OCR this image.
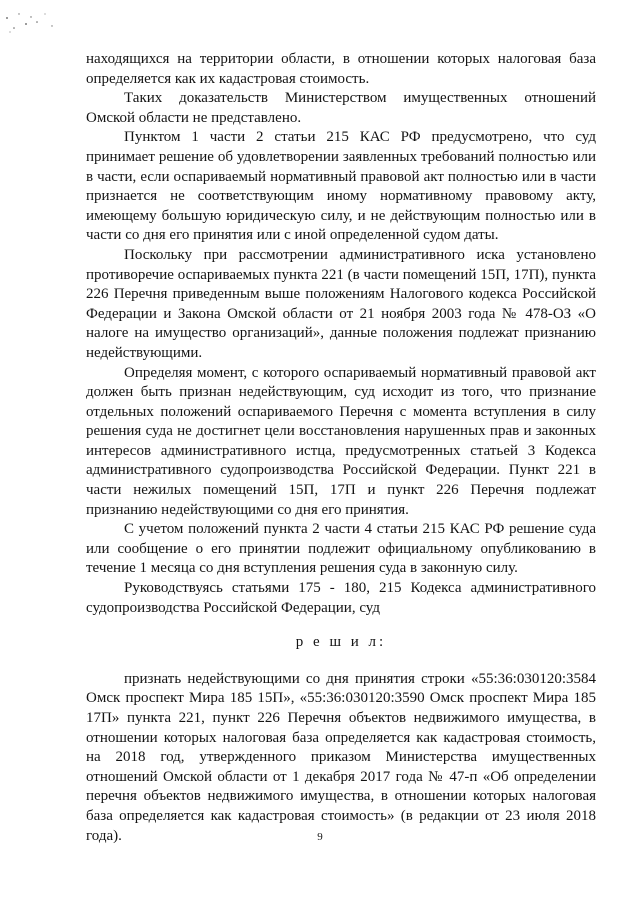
находящихся на территории области, в отношении которых налоговая база определяется как их кадастровая стоимость.

Таких доказательств Министерством имущественных отношений Омской области не представлено.

Пунктом 1 части 2 статьи 215 КАС РФ предусмотрено, что суд принимает решение об удовлетворении заявленных требований полностью или в части, если оспариваемый нормативный правовой акт полностью или в части признается не соответствующим иному нормативному правовому акту, имеющему большую юридическую силу, и не действующим полностью или в части со дня его принятия или с иной определенной судом даты.

Поскольку при рассмотрении административного иска установлено противоречие оспариваемых пункта 221 (в части помещений 15П, 17П), пункта 226 Перечня приведенным выше положениям Налогового кодекса Российской Федерации и Закона Омской области от 21 ноября 2003 года № 478-ОЗ «О налоге на имущество организаций», данные положения подлежат признанию недействующими.

Определяя момент, с которого оспариваемый нормативный правовой акт должен быть признан недействующим, суд исходит из того, что признание отдельных положений оспариваемого Перечня с момента вступления в силу решения суда не достигнет цели восстановления нарушенных прав и законных интересов административного истца, предусмотренных статьей 3 Кодекса административного судопроизводства Российской Федерации. Пункт 221 в части нежилых помещений 15П, 17П и пункт 226 Перечня подлежат признанию недействующими со дня его принятия.

С учетом положений пункта 2 части 4 статьи 215 КАС РФ решение суда или сообщение о его принятии подлежит официальному опубликованию в течение 1 месяца со дня вступления решения суда в законную силу.

Руководствуясь статьями 175 - 180, 215 Кодекса административного судопроизводства Российской Федерации, суд

р е ш и л:

признать недействующими со дня принятия строки «55:36:030120:3584 Омск проспект Мира 185 15П», «55:36:030120:3590 Омск проспект Мира 185 17П» пункта 221, пункт 226 Перечня объектов недвижимого имущества, в отношении которых налоговая база определяется как кадастровая стоимость, на 2018 год, утвержденного приказом Министерства имущественных отношений Омской области от 1 декабря 2017 года № 47-п «Об определении перечня объектов недвижимого имущества, в отношении которых налоговая база определяется как кадастровая стоимость» (в редакции от 23 июля 2018 года).	9
